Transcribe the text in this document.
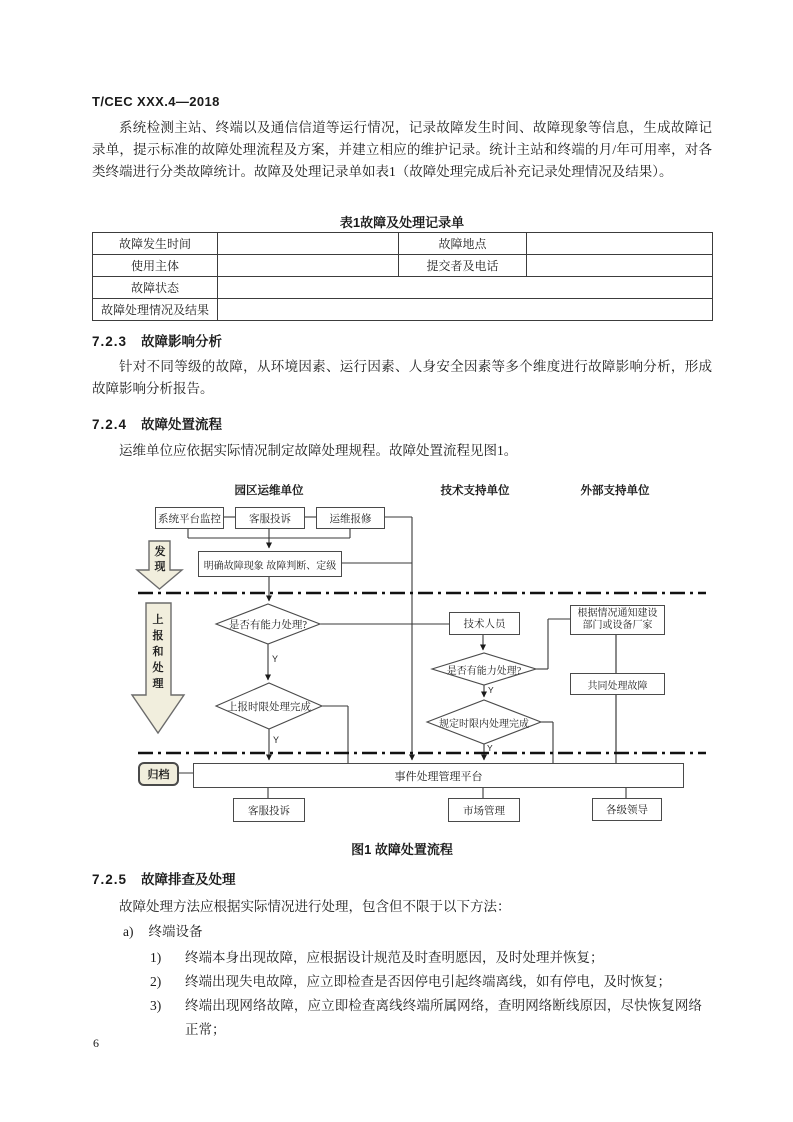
T/CEC XXX.4—2018
系统检测主站、终端以及通信信道等运行情况，记录故障发生时间、故障现象等信息，生成故障记录单，提示标准的故障处理流程及方案，并建立相应的维护记录。统计主站和终端的月/年可用率，对各类终端进行分类故障统计。故障及处理记录单如表1（故障处理完成后补充记录处理情况及结果）。
表1故障及处理记录单
故障发生时间		故障地点	
使用主体		提交者及电话	
故障状态			
故障处理情况及结果			
7.2.3 故障影响分析
针对不同等级的故障，从环境因素、运行因素、人身安全因素等多个维度进行故障影响分析，形成故障影响分析报告。
7.2.4 故障处置流程
运维单位应依据实际情况制定故障处理规程。故障处置流程见图1。
园区运维单位	技术支持单位	外部支持单位
系统平台监控	客服投诉	运维报修
明确故障现象 故障判断、定级
技术人员
根据情况通知建设
部门或设备厂家
共同处理故障
事件处理管理平台
客服投诉	市场管理	各级领导
是否有能力处理?
上报时限处理完成
是否有能力处理?
规定时限内处理完成
Y
Y
Y
Y
发现
上报和处理
归档
图1 故障处置流程
7.2.5 故障排查及处理
故障处理方法应根据实际情况进行处理，包含但不限于以下方法：
a) 终端设备
1)	终端本身出现故障，应根据设计规范及时查明愿因，及时处理并恢复；
2)	终端出现失电故障，应立即检查是否因停电引起终端离线，如有停电，及时恢复；
3)	终端出现网络故障，应立即检查离线终端所属网络，查明网络断线原因，尽快恢复网络正常；
6
